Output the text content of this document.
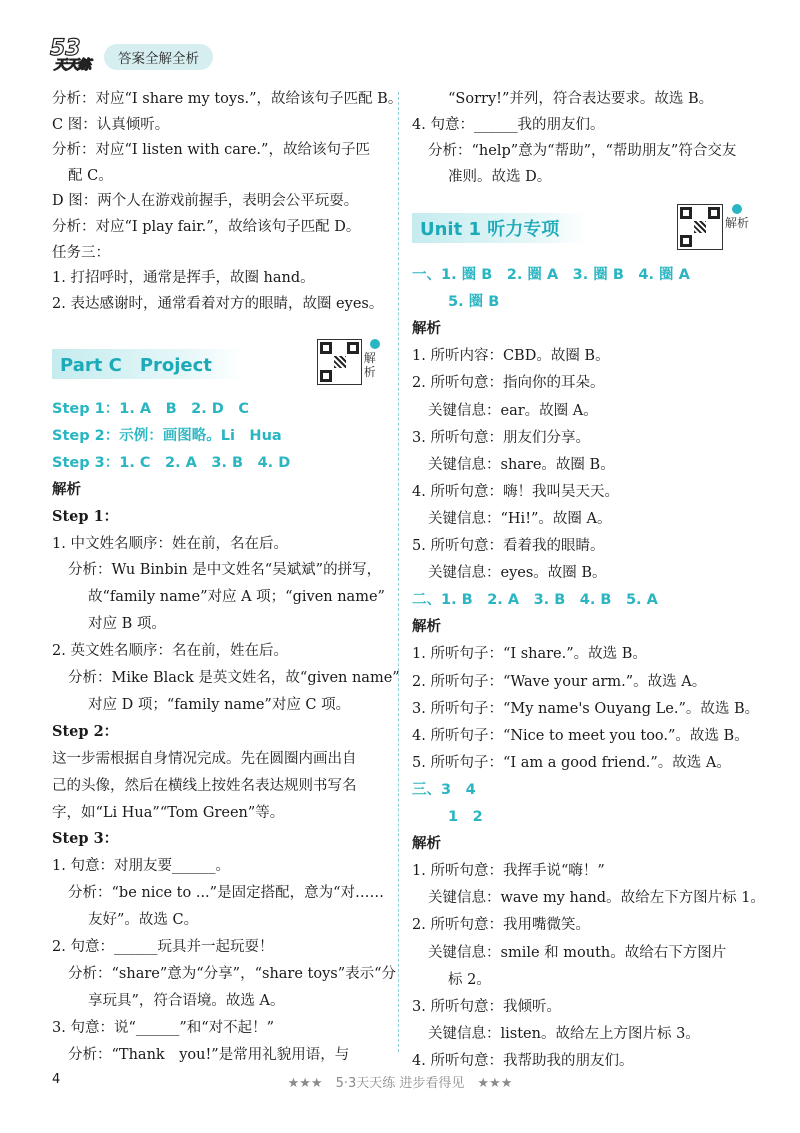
53
天天练	答案全解全析
分析：对应“I share my toys.”，故给该句子匹配 B。
C 图：认真倾听。
分析：对应“I listen with care.”，故给该句子匹
配 C。
D 图：两个人在游戏前握手，表明会公平玩耍。
分析：对应“I play fair.”，故给该句子匹配 D。
任务三：
1. 打招呼时，通常是挥手，故圈 hand。
2. 表达感谢时，通常看着对方的眼睛，故圈 eyes。
Part C　Project	解析
Step 1：1. A　B　2. D　C
Step 2：示例：画图略。Li　Hua
Step 3：1. C　2. A　3. B　4. D
解析
Step 1：
1. 中文姓名顺序：姓在前，名在后。
分析：Wu Binbin 是中文姓名“吴斌斌”的拼写，
故“family name”对应 A 项；“given name”
对应 B 项。
2. 英文姓名顺序：名在前，姓在后。
分析：Mike Black 是英文姓名，故“given name”
对应 D 项；“family name”对应 C 项。
Step 2：
这一步需根据自身情况完成。先在圆圈内画出自
己的头像，然后在横线上按姓名表达规则书写名
字，如“Li Hua”“Tom Green”等。
Step 3：
1. 句意：对朋友要______。
分析：“be nice to ...”是固定搭配，意为“对……
友好”。故选 C。
2. 句意：______玩具并一起玩耍！
分析：“share”意为“分享”，“share toys”表示“分
享玩具”，符合语境。故选 A。
3. 句意：说“______”和“对不起！”
分析：“Thank　you!”是常用礼貌用语，与
“Sorry!”并列，符合表达要求。故选 B。
4. 句意：______我的朋友们。
分析：“help”意为“帮助”，“帮助朋友”符合交友
准则。故选 D。
Unit 1 听力专项	解析
一、1. 圈 B　2. 圈 A　3. 圈 B　4. 圈 A
5. 圈 B
解析
1. 所听内容：CBD。故圈 B。
2. 所听句意：指向你的耳朵。
关键信息：ear。故圈 A。
3. 所听句意：朋友们分享。
关键信息：share。故圈 B。
4. 所听句意：嗨！我叫吴天天。
关键信息：“Hi!”。故圈 A。
5. 所听句意：看着我的眼睛。
关键信息：eyes。故圈 B。
二、1. B　2. A　3. B　4. B　5. A
解析
1. 所听句子：“I share.”。故选 B。
2. 所听句子：“Wave your arm.”。故选 A。
3. 所听句子：“My name's Ouyang Le.”。故选 B。
4. 所听句子：“Nice to meet you too.”。故选 B。
5. 所听句子：“I am a good friend.”。故选 A。
三、3　4
1　2
解析
1. 所听句意：我挥手说“嗨！”
关键信息：wave my hand。故给左下方图片标 1。
2. 所听句意：我用嘴微笑。
关键信息：smile 和 mouth。故给右下方图片
标 2。
3. 所听句意：我倾听。
关键信息：listen。故给左上方图片标 3。
4. 所听句意：我帮助我的朋友们。
4	★★★　5·3天天练 进步看得见　★★★
